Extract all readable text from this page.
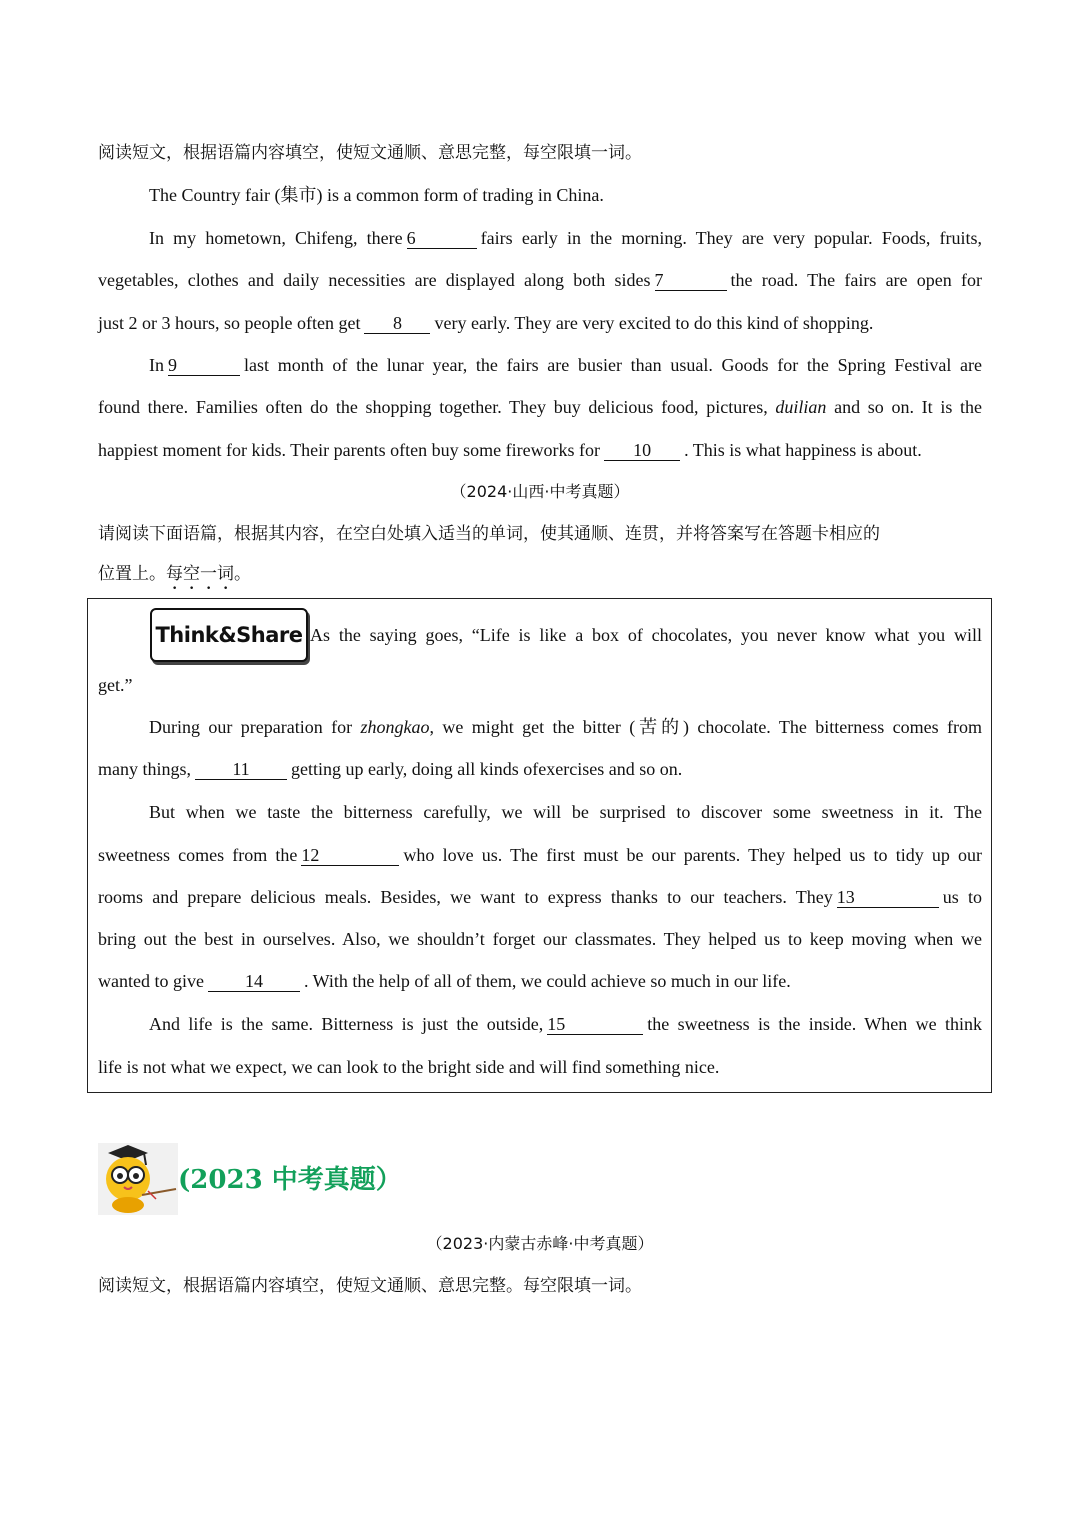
阅读短文，根据语篇内容填空，使短文通顺、意思完整，每空限填一词。
The Country fair (集市) is a common form of trading in China.
In my hometown, Chifeng, there 6	fairs early in the morning. They are very popular. Foods, fruits,
vegetables, clothes and daily necessities are displayed along both sides 7	the road. The fairs are open for
just 2 or 3 hours, so people often get 8 very early. They are very excited to do this kind of shopping.
In 9	last month of the lunar year, the fairs are busier than usual. Goods for the Spring Festival are
found there. Families often do the shopping together. They buy delicious food, pictures, duilian and so on. It is the
happiest moment for kids. Their parents often buy some fireworks for 10 . This is what happiness is about.
（2024·山西·中考真题）
请阅读下面语篇，根据其内容，在空白处填入适当的单词，使其通顺、连贯，并将答案写在答题卡相应的
位置上。每空一词。
Think&Share As the saying goes, “Life is like a box of chocolates, you never know what you will
get.”
During our preparation for zhongkao, we might get the bitter (苦的) chocolate. The bitterness comes from
many things, 11 getting up early, doing all kinds ofexercises and so on.
But when we taste the bitterness carefully, we will be surprised to discover some sweetness in it. The
sweetness comes from the 12	who love us. The first must be our parents. They helped us to tidy up our
rooms and prepare delicious meals. Besides, we want to express thanks to our teachers. They 13	us to
bring out the best in ourselves. Also, we shouldn’t forget our classmates. They helped us to keep moving when we
wanted to give 14 . With the help of all of them, we could achieve so much in our life.
And life is the same. Bitterness is just the outside, 15	the sweetness is the inside. When we think
life is not what we expect, we can look to the bright side and will find something nice.
(2023 中考真题）
（2023·内蒙古赤峰·中考真题）
阅读短文，根据语篇内容填空，使短文通顺、意思完整。每空限填一词。
